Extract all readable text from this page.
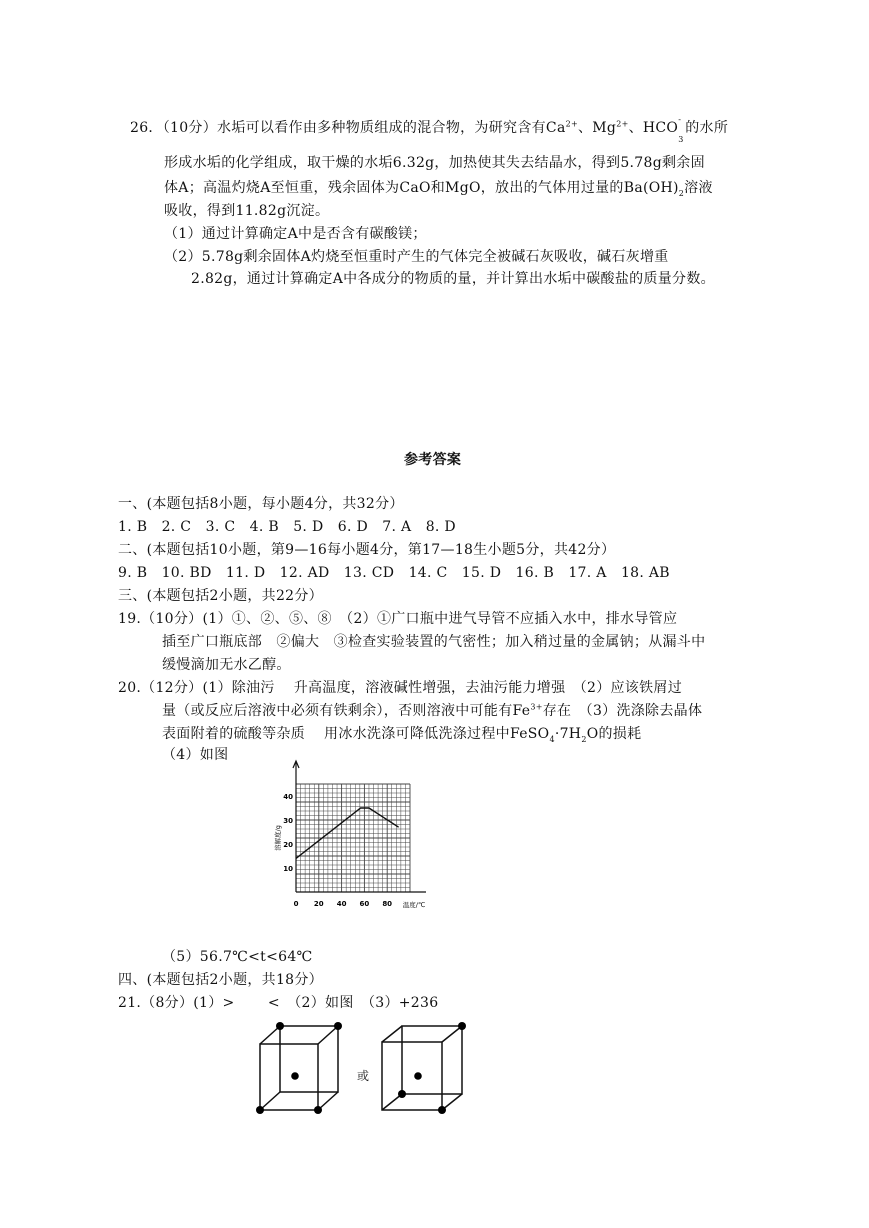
26．（10分）水垢可以看作由多种物质组成的混合物，为研究含有$Ca^{2+}$、$Mg^{2+}$、HCO
-
3
的水所
形成水垢的化学组成，取干燥的水垢6.32g，加热使其失去结晶水，得到5.78g剩余固
体A；高温灼烧A至恒重，残余固体为CaO和MgO，放出的气体用过量的$Ba(OH)_2$溶液
吸收，得到11.82g沉淀。
（1）通过计算确定A中是否含有碳酸镁；
（2）5.78g剩余固体A灼烧至恒重时产生的气体完全被碱石灰吸收，碱石灰增重
2.82g，通过计算确定A中各成分的物质的量，并计算出水垢中碳酸盐的质量分数。
参考答案
一、(本题包括8小题，每小题4分，共32分）
1. B　2. C　3. C　4. B　5. D　6. D　7. A　8. D
二、(本题包括10小题，第9—16每小题4分，第17—18生小题5分，共42分）
9. B　10. BD　11. D　12. AD　13. CD　14. C　15. D　16. B　17. A　18. AB
三、(本题包括2小题，共22分）
19.（10分）(1）①、②、⑤、⑧　（2）①广口瓶中进气导管不应插入水中，排水导管应
插至广口瓶底部　②偏大　③检查实验装置的气密性；加入稍过量的金属钠；从漏斗中
缓慢滴加无水乙醇。
20.（12分）(1）除油污　 升高温度，溶液碱性增强，去油污能力增强　（2）应该铁屑过
量（或反应后溶液中必须有铁剩余），否则溶液中可能有$Fe^{3+}$存在　（3）洗涤除去晶体
表面附着的硫酸等杂质　 用冰水洗涤可降低洗涤过程中$FeSO_4\cdot 7H_2O$的损耗
（4）如图
0 20 40 60 80
10
20
30
40
温度/℃
溶解度/g
（5）56.7℃<t<64℃
四、(本题包括2小题，共18分）
21.（8分）(1）>　　 <　（2）如图　（3）+236
或
